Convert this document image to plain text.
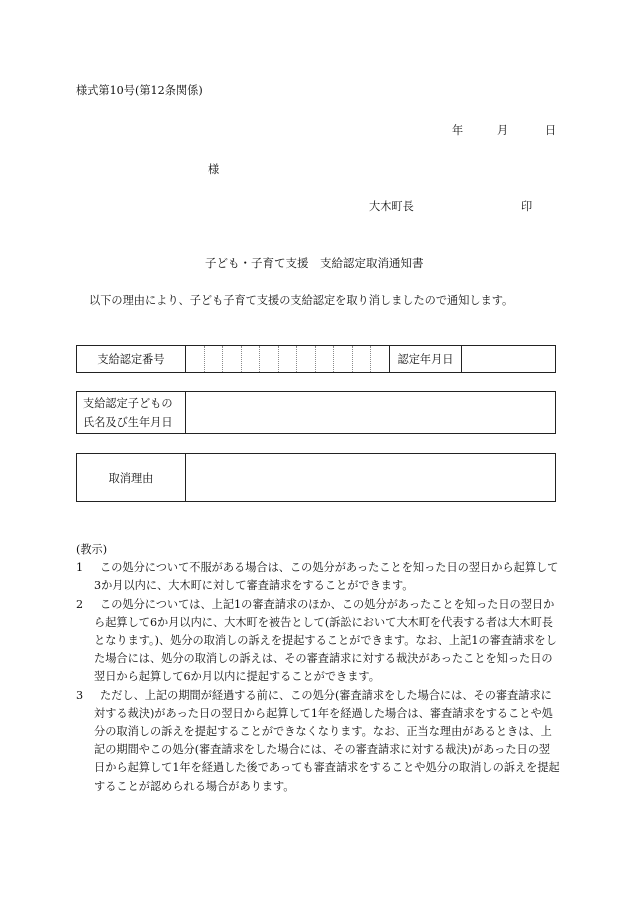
様式第10号(第12条関係)
年	月	日
様
大木町長	印
子ども・子育て支援　支給認定取消通知書
以下の理由により、子ども子育て支援の支給認定を取り消しましたので通知します。
支給認定番号	認定年月日
支給認定子どもの
氏名及び生年月日
取消理由
(教示)
1	この処分について不服がある場合は、この処分があったことを知った日の翌日から起算して3か月以内に、大木町に対して審査請求をすることができます。
2	この処分については、上記1の審査請求のほか、この処分があったことを知った日の翌日から起算して6か月以内に、大木町を被告として(訴訟において大木町を代表する者は大木町長となります。)、処分の取消しの訴えを提起することができます。なお、上記1の審査請求をした場合には、処分の取消しの訴えは、その審査請求に対する裁決があったことを知った日の翌日から起算して6か月以内に提起することができます。
3	ただし、上記の期間が経過する前に、この処分(審査請求をした場合には、その審査請求に対する裁決)があった日の翌日から起算して1年を経過した場合は、審査請求をすることや処分の取消しの訴えを提起することができなくなります。なお、正当な理由があるときは、上記の期間やこの処分(審査請求をした場合には、その審査請求に対する裁決)があった日の翌日から起算して1年を経過した後であっても審査請求をすることや処分の取消しの訴えを提起することが認められる場合があります。
